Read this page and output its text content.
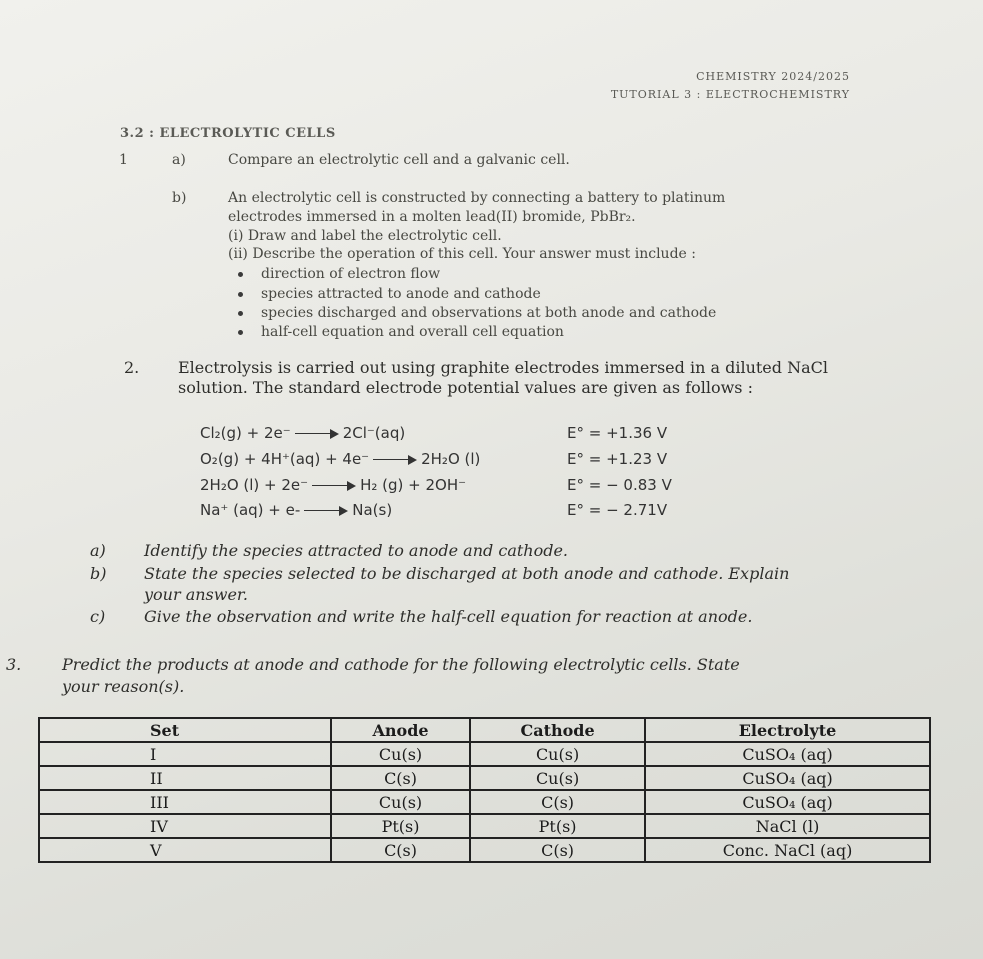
CHEMISTRY 2024/2025
TUTORIAL 3 : ELECTROCHEMISTRY
3.2 : ELECTROLYTIC CELLS
1	a)	Compare an electrolytic cell and a galvanic cell.
b)	An electrolytic cell is constructed by connecting a battery to platinum
electrodes immersed in a molten lead(II) bromide, PbBr₂.
(i) Draw and label the electrolytic cell.
(ii) Describe the operation of this cell. Your answer must include :
direction of electron flow
species attracted to anode and cathode
species discharged and observations at both anode and cathode
half-cell equation and overall cell equation
2. Electrolysis is carried out using graphite electrodes immersed in a diluted NaCl
solution. The standard electrode potential values are given as follows :
Cl₂(g) + 2e⁻	2Cl⁻(aq)	E° = +1.36 V
O₂(g) + 4H⁺(aq) + 4e⁻	2H₂O (l)	E° = +1.23 V
2H₂O (l) + 2e⁻	H₂ (g) + 2OH⁻	E° = − 0.83 V
Na⁺ (aq) + e-	Na(s)	E° = − 2.71V
a) Identify the species attracted to anode and cathode.
b) State the species selected to be discharged at both anode and cathode. Explain
your answer.
c) Give the observation and write the half-cell equation for reaction at anode.
3.	Predict the products at anode and cathode for the following electrolytic cells. State
your reason(s).
Set	Anode	Cathode	Electrolyte
I	Cu(s)	Cu(s)	CuSO₄ (aq)
II	C(s)	Cu(s)	CuSO₄ (aq)
III	Cu(s)	C(s)	CuSO₄ (aq)
IV	Pt(s)	Pt(s)	NaCl (l)
V	C(s)	C(s)	Conc. NaCl (aq)
